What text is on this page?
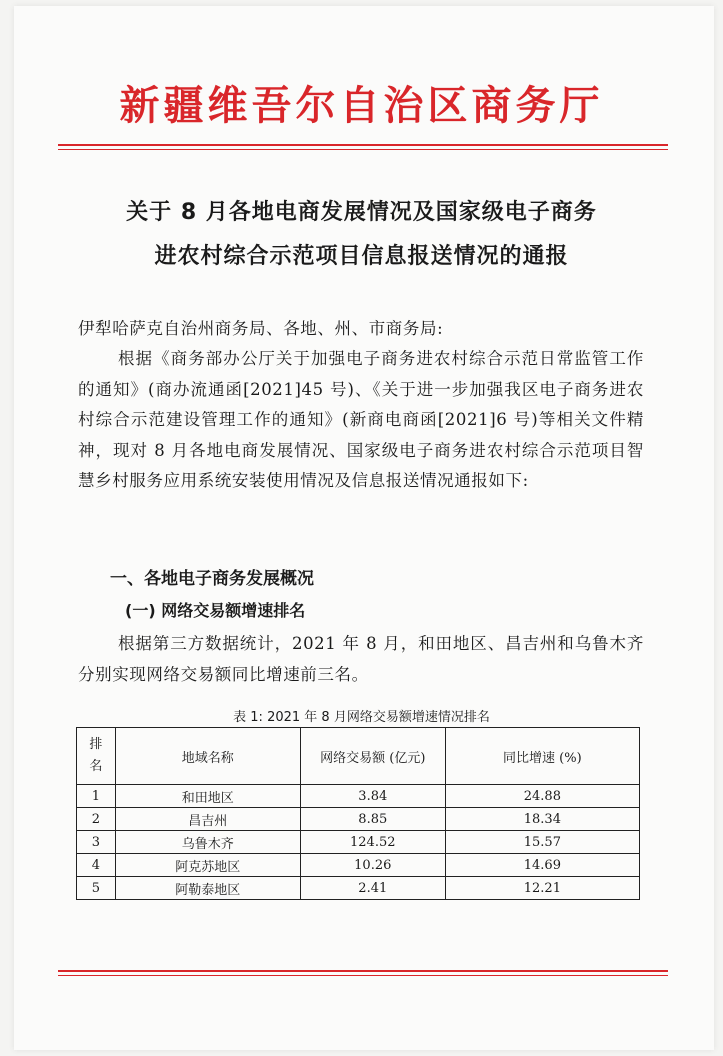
新疆维吾尔自治区商务厅
关于 8 月各地电商发展情况及国家级电子商务
进农村综合示范项目信息报送情况的通报
伊犁哈萨克自治州商务局、各地、州、市商务局:
根据《商务部办公厅关于加强电子商务进农村综合示范日常监管工作的通知》(商办流通函[2021]45 号)、《关于进一步加强我区电子商务进农村综合示范建设管理工作的通知》(新商电商函[2021]6 号)等相关文件精神，现对 8 月各地电商发展情况、国家级电子商务进农村综合示范项目智慧乡村服务应用系统安装使用情况及信息报送情况通报如下:
一、各地电子商务发展概况
(一) 网络交易额增速排名
根据第三方数据统计，2021 年 8 月，和田地区、昌吉州和乌鲁木齐分别实现网络交易额同比增速前三名。
表 1: 2021 年 8 月网络交易额增速情况排名
排名	地域名称	网络交易额 (亿元)	同比增速 (%)
1	和田地区	3.84	24.88
2	昌吉州	8.85	18.34
3	乌鲁木齐	124.52	15.57
4	阿克苏地区	10.26	14.69
5	阿勒泰地区	2.41	12.21
